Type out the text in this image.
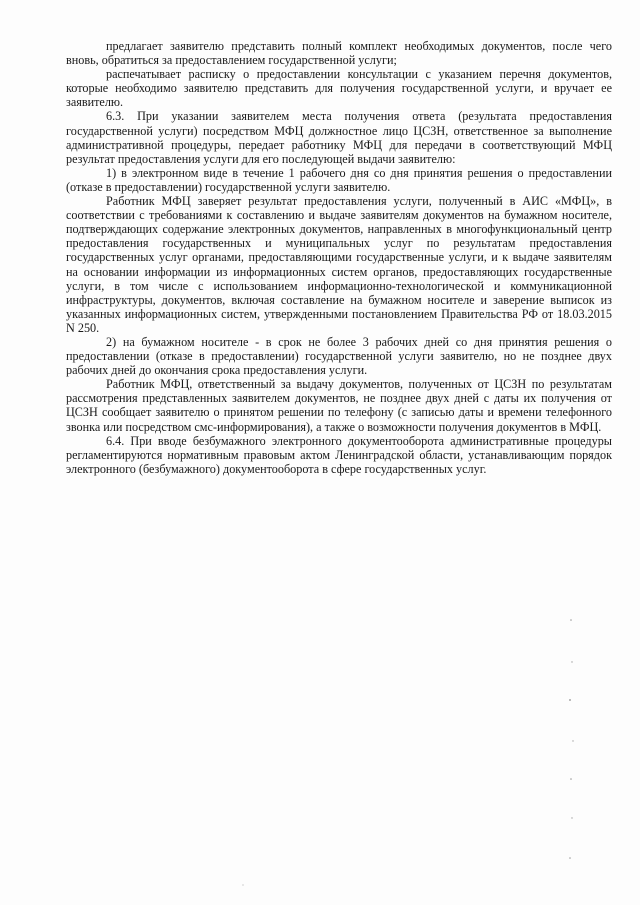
предлагает заявителю представить полный комплект необходимых документов, после чего вновь, обратиться за предоставлением государственной услуги;

распечатывает расписку о предоставлении консультации с указанием перечня документов, которые необходимо заявителю представить для получения государственной услуги, и вручает ее заявителю.

6.3. При указании заявителем места получения ответа (результата предоставления государственной услуги) посредством МФЦ должностное лицо ЦСЗН, ответственное за выполнение административной процедуры, передает работнику МФЦ для передачи в соответствующий МФЦ результат предоставления услуги для его последующей выдачи заявителю:

1) в электронном виде в течение 1 рабочего дня со дня принятия решения о предоставлении (отказе в предоставлении) государственной услуги заявителю.

Работник МФЦ заверяет результат предоставления услуги, полученный в АИС «МФЦ», в соответствии с требованиями к составлению и выдаче заявителям документов на бумажном носителе, подтверждающих содержание электронных документов, направленных в многофункциональный центр предоставления государственных и муниципальных услуг по результатам предоставления государственных услуг органами, предоставляющими государственные услуги, и к выдаче заявителям на основании информации из информационных систем органов, предоставляющих государственные услуги, в том числе с использованием информационно-технологической и коммуникационной инфраструктуры, документов, включая составление на бумажном носителе и заверение выписок из указанных информационных систем, утвержденными постановлением Правительства РФ от 18.03.2015 N 250.

2) на бумажном носителе - в срок не более 3 рабочих дней со дня принятия решения о предоставлении (отказе в предоставлении) государственной услуги заявителю, но не позднее двух рабочих дней до окончания срока предоставления услуги.

Работник МФЦ, ответственный за выдачу документов, полученных от ЦСЗН по результатам рассмотрения представленных заявителем документов, не позднее двух дней с даты их получения от ЦСЗН сообщает заявителю о принятом решении по телефону (с записью даты и времени телефонного звонка или посредством смс-информирования), а также о возможности получения документов в МФЦ.

6.4. При вводе безбумажного электронного документооборота административные процедуры регламентируются нормативным правовым актом Ленинградской области, устанавливающим порядок электронного (безбумажного) документооборота в сфере государственных услуг.
